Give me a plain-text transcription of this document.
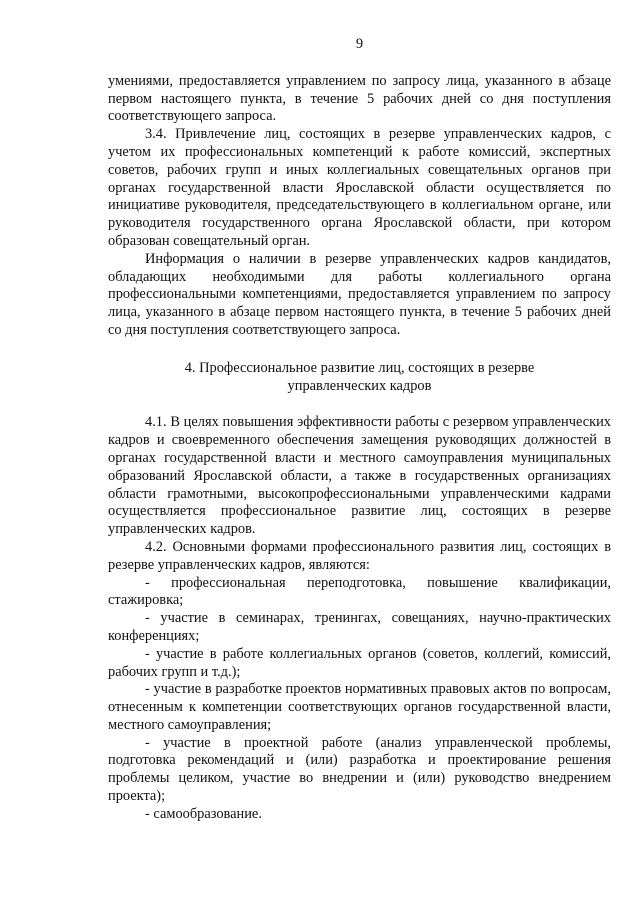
9

умениями, предоставляется управлением по запросу лица, указанного в абзаце первом настоящего пункта, в течение 5 рабочих дней со дня поступления соответствующего запроса.

3.4. Привлечение лиц, состоящих в резерве управленческих кадров, с учетом их профессиональных компетенций к работе комиссий, экспертных советов, рабочих групп и иных коллегиальных совещательных органов при органах государственной власти Ярославской области осуществляется по инициативе руководителя, председательствующего в коллегиальном органе, или руководителя государственного органа Ярославской области, при котором образован совещательный орган.

Информация о наличии в резерве управленческих кадров кандидатов, обладающих необходимыми для работы коллегиального органа профессиональными компетенциями, предоставляется управлением по запросу лица, указанного в абзаце первом настоящего пункта, в течение 5 рабочих дней со дня поступления соответствующего запроса.

4. Профессиональное развитие лиц, состоящих в резерве
управленческих кадров

4.1. В целях повышения эффективности работы с резервом управленческих кадров и своевременного обеспечения замещения руководящих должностей в органах государственной власти и местного самоуправления муниципальных образований Ярославской области, а также в государственных организациях области грамотными, высокопрофессиональными управленческими кадрами осуществляется профессиональное развитие лиц, состоящих в резерве управленческих кадров.

4.2. Основными формами профессионального развития лиц, состоящих в резерве управленческих кадров, являются:

- профессиональная переподготовка, повышение квалификации, стажировка;

- участие в семинарах, тренингах, совещаниях, научно-практических конференциях;

- участие в работе коллегиальных органов (советов, коллегий, комиссий, рабочих групп и т.д.);

- участие в разработке проектов нормативных правовых актов по вопросам, отнесенным к компетенции соответствующих органов государственной власти, местного самоуправления;

- участие в проектной работе (анализ управленческой проблемы, подготовка рекомендаций и (или) разработка и проектирование решения проблемы целиком, участие во внедрении и (или) руководство внедрением проекта);

- самообразование.
